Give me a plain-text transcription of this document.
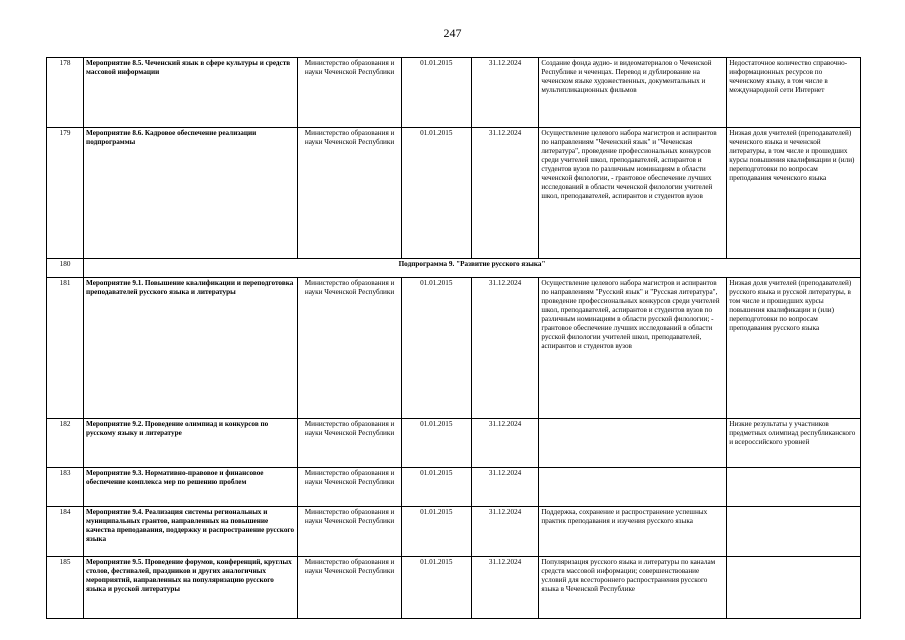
247
178	Мероприятие 8.5. Чеченский язык в сфере культуры и средств массовой информации	Министерство образования и науки Чеченской Республики	01.01.2015	31.12.2024	Создание фонда аудио- и видеоматериалов о Чеченской Республике и чеченцах. Перевод и дублирование на чеченском языке художественных, документальных и мультипликационных фильмов	Недостаточное количество справочно-информационных ресурсов по чеченскому языку, в том числе в международной сети Интернет
179	Мероприятие 8.6. Кадровое обеспечение реализации подпрограммы	Министерство образования и науки Чеченской Республики	01.01.2015	31.12.2024	Осуществление целевого набора магистров и аспирантов по направлениям "Чеченский язык" и "Чеченская литература", проведение профессиональных конкурсов среди учителей школ, преподавателей, аспирантов и студентов вузов по различным номинациям в области чеченской филологии, - грантовое обеспечение лучших исследований в области чеченской филологии учителей школ, преподавателей, аспирантов и студентов вузов	Низкая доля учителей (преподавателей) чеченского языка и чеченской литературы, в том числе и прошедших курсы повышения квалификации и (или) переподготовки по вопросам преподавания чеченского языка
180	Подпрограмма 9. "Развитие русского языка"					
181	Мероприятие 9.1. Повышение квалификации и переподготовка преподавателей русского языка и литературы	Министерство образования и науки Чеченской Республики	01.01.2015	31.12.2024	Осуществление целевого набора магистров и аспирантов по направлениям "Русский язык" и "Русская литература", проведение профессиональных конкурсов среди учителей школ, преподавателей, аспирантов и студентов вузов по различным номинациям в области русской филологии; - грантовое обеспечение лучших исследований в области русской филологии учителей школ, преподавателей, аспирантов и студентов вузов	Низкая доля учителей (преподавателей) русского языка и русской литературы, в том числе и прошедших курсы повышения квалификации и (или) переподготовки по вопросам преподавания русского языка
182	Мероприятие 9.2. Проведение олимпиад и конкурсов по русскому языку и литературе	Министерство образования и науки Чеченской Республики	01.01.2015	31.12.2024		Низкие результаты у участников предметных олимпиад республиканского и всероссийского уровней
183	Мероприятие 9.3. Нормативно-правовое и финансовое обеспечение комплекса мер по решению проблем	Министерство образования и науки Чеченской Республики	01.01.2015	31.12.2024		
184	Мероприятие 9.4. Реализация системы региональных и муниципальных грантов, направленных на повышение качества преподавания, поддержку и распространение русского языка	Министерство образования и науки Чеченской Республики	01.01.2015	31.12.2024	Поддержка, сохранение и распространение успешных практик преподавания и изучения русского языка	
185	Мероприятие 9.5. Проведение форумов, конференций, круглых столов, фестивалей, праздников и других аналогичных мероприятий, направленных на популяризацию русского языка и русской литературы	Министерство образования и науки Чеченской Республики	01.01.2015	31.12.2024	Популяризация русского языка и литературы по каналам средств массовой информации; совершенствование условий для всестороннего распространения русского языка в Чеченской Республике	
